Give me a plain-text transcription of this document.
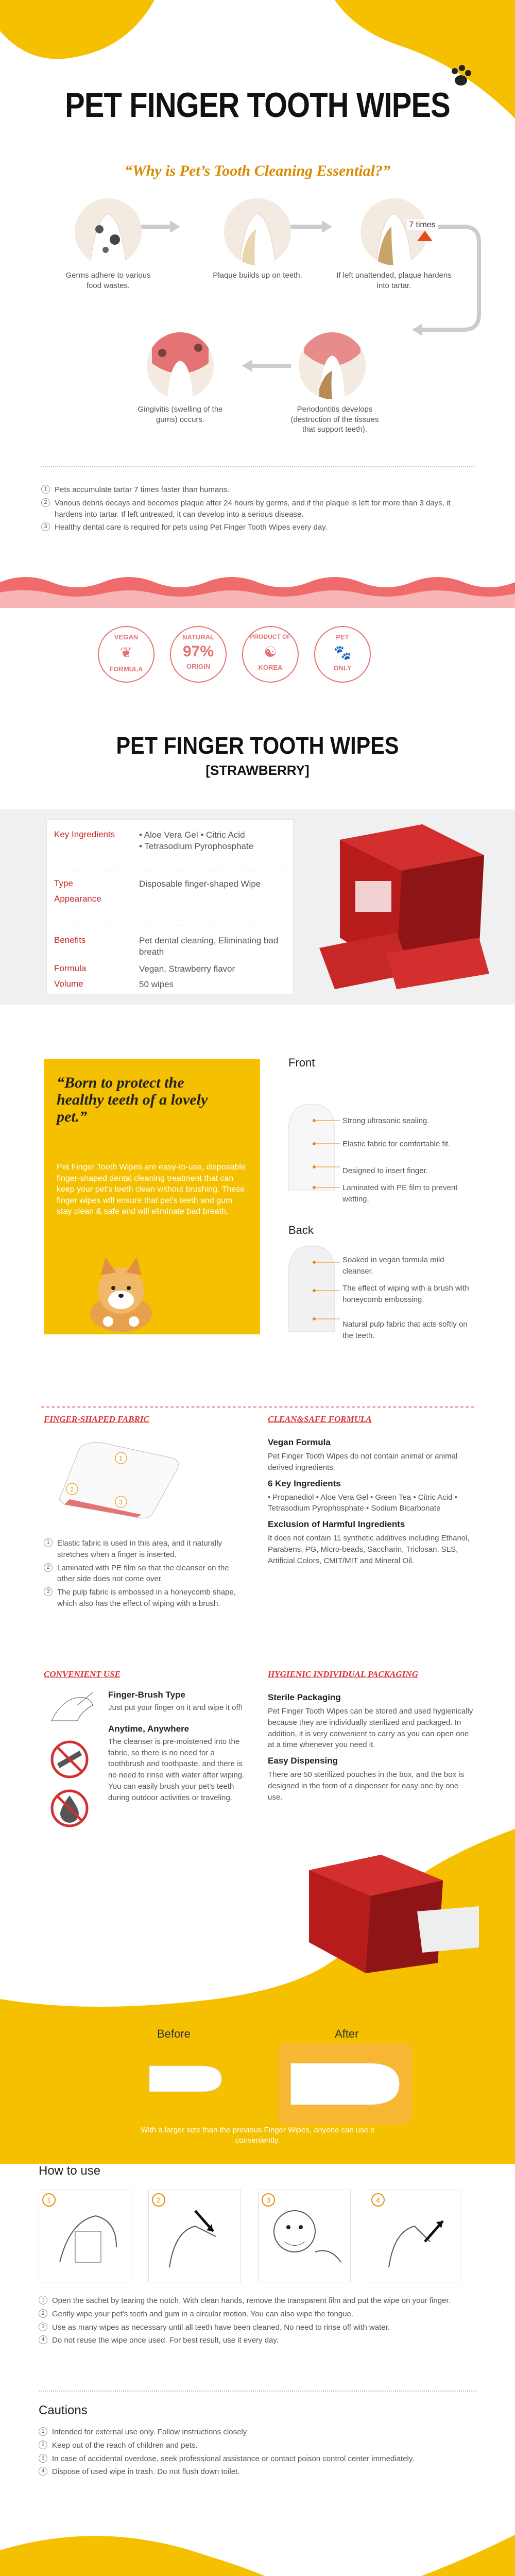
PET FINGER TOOTH WIPES
“Why is Pet’s Tooth Cleaning Essential?”
7 times
Germs adhere to various food wastes.
Plaque builds up on teeth.	If left unattended, plaque hardens into tartar.
Gingivitis (swelling of the gums) occurs.
Periodontitis develops (destruction of the tissues that support teeth).
1 Pets accumulate tartar 7 times faster than humans.
2 Various debris decays and becomes plaque after 24 hours by germs, and if the plaque is left for more than 3 days, it hardens into tartar. If left untreated, it can develop into a serious disease.
3 Healthy dental care is required for pets using Pet Finger Tooth Wipes every day.
VEGAN
❦
FORMULA
NATURAL
97%
ORIGIN
PRODUCT OF
☯
KOREA
PET
🐾
ONLY
PET FINGER TOOTH WIPES
[STRAWBERRY]
Key Ingredients	• Aloe Vera Gel • Citric Acid
• Tetrasodium Pyrophosphate
Type	Disposable finger-shaped Wipe
Appearance
Benefits	Pet dental cleaning, Eliminating bad breath
Formula	Vegan, Strawberry flavor
Volume	50 wipes
“Born to protect the healthy teeth of a lovely pet.”
Pet Finger Tooth Wipes are easy-to-use, disposable finger-shaped dental cleaning treatment that can keep your pet’s teeth clean without brushing. These finger wipes will ensure that pet’s teeth and gum stay clean & safe and will eliminate bad breath.
Front
Strong ultrasonic sealing.
Elastic fabric for comfortable fit.
Designed to insert finger.
Laminated with PE film to prevent wetting.
Back
Soaked in vegan formula mild cleanser.
The effect of wiping with a brush with honeycomb embossing.
Natural pulp fabric that acts softly on the teeth.
FINGER-SHAPED FABRIC
1
2
3
1 Elastic fabric is used in this area, and it naturally stretches when a finger is inserted.
2 Laminated with PE film so that the cleanser on the other side does not come over.
3 The pulp fabric is embossed in a honeycomb shape, which also has the effect of wiping with a brush.
CLEAN&SAFE FORMULA
Vegan Formula
Pet Finger Tooth Wipes do not contain animal or animal derived ingredients.
6 Key Ingredients
• Propanediol • Aloe Vera Gel • Green Tea • Citric Acid • Tetrasodium Pyrophosphate • Sodium Bicarbonate
Exclusion of Harmful Ingredients
It does not contain 11 synthetic additives including Ethanol, Parabens, PG, Micro-beads, Saccharin, Triclosan, SLS, Artificial Colors, CMIT/MIT and Mineral Oil.
CONVENIENT USE
Finger-Brush Type
Just put your finger on it and wipe it off!
Anytime, Anywhere
The cleanser is pre-moistened into the fabric, so there is no need for a toothbrush and toothpaste, and there is no need to rinse with water after wiping. You can easily brush your pet’s teeth during outdoor activities or traveling.
HYGIENIC INDIVIDUAL PACKAGING
Sterile Packaging
Pet Finger Tooth Wipes can be stored and used hygienically because they are individually sterilized and packaged. In addition, it is very convenient to carry as you can open one at a time whenever you need it.
Easy Dispensing
There are 50 sterilized pouches in the box, and the box is designed in the form of a dispenser for easy one by one use.
Before	After
With a larger size than the previous Finger Wipes, anyone can use it conveniently.
How to use
1	2	3	4
1 Open the sachet by tearing the notch. With clean hands, remove the transparent film and put the wipe on your finger.
2 Gently wipe your pet’s teeth and gum in a circular motion. You can also wipe the tongue.
3 Use as many wipes as necessary until all teeth have been cleaned. No need to rinse off with water.
4 Do not reuse the wipe once used. For best result, use it every day.
Cautions
1 Intended for external use only. Follow instructions closely
2 Keep out of the reach of children and pets.
3 In case of accidental overdose, seek professional assistance or contact poison control center immediately.
4 Dispose of used wipe in trash. Do not flush down toilet.
